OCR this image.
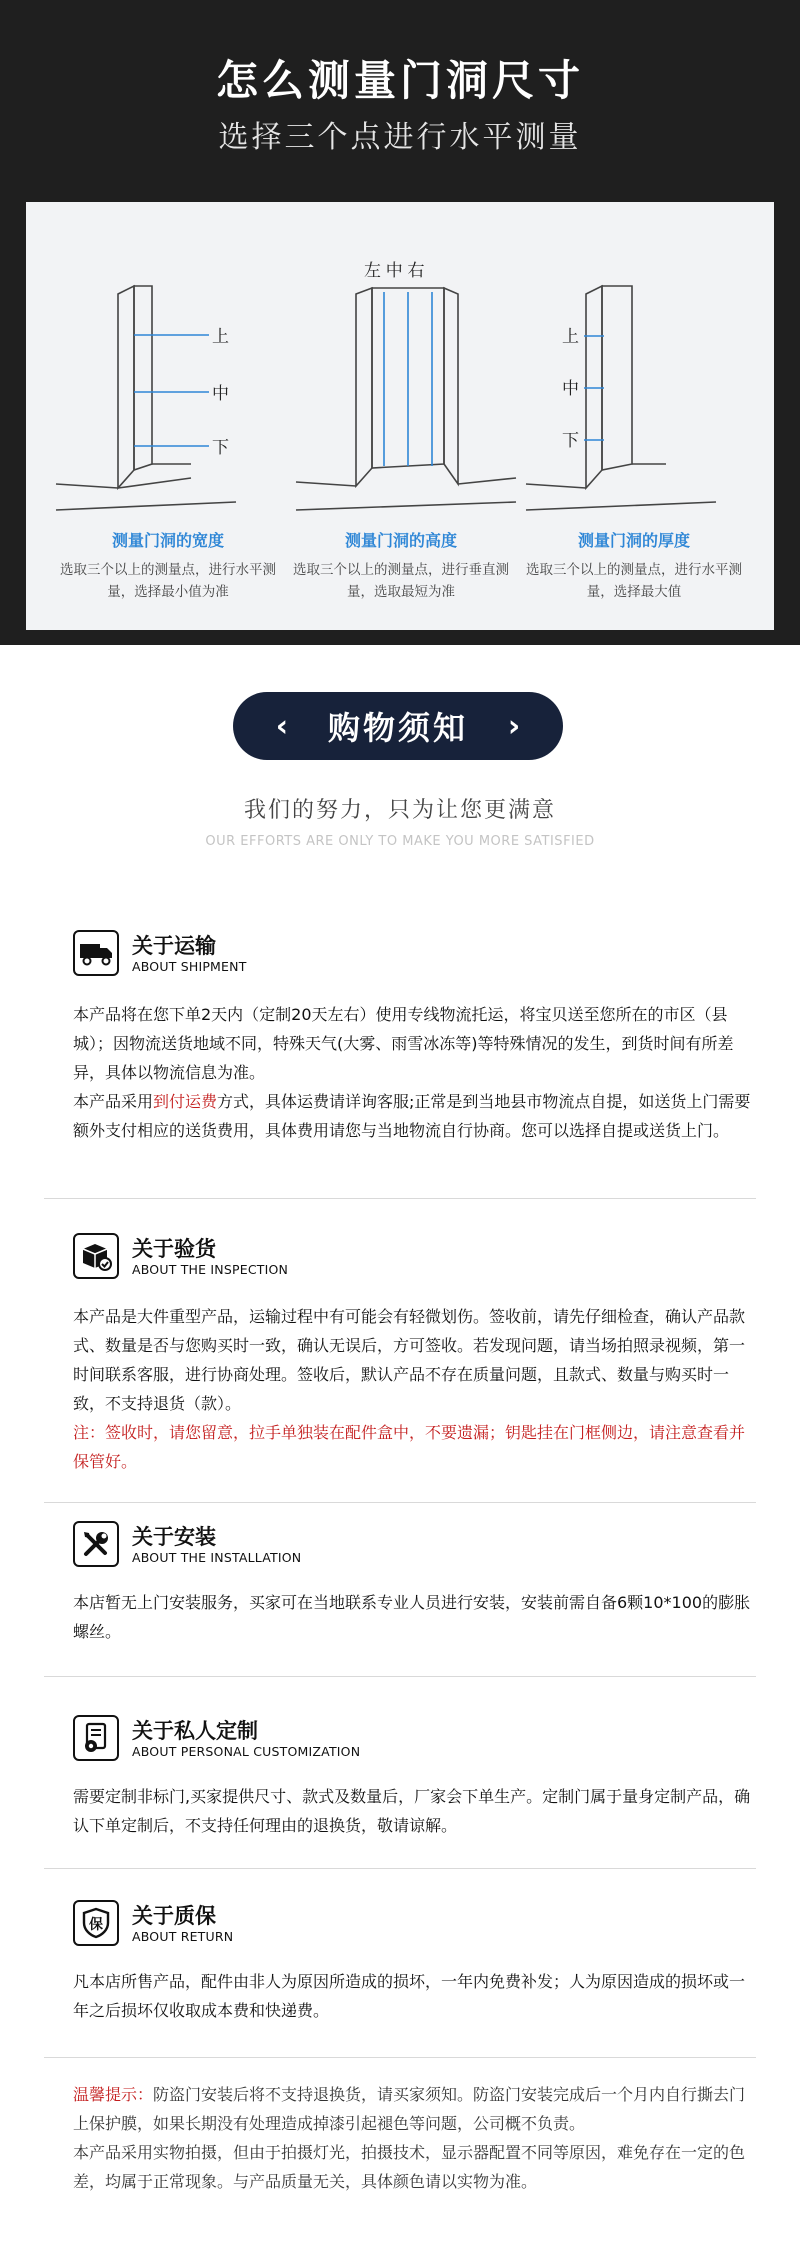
怎么测量门洞尺寸
选择三个点进行水平测量
上
中
下
左 中 右
上
中
下
测量门洞的宽度
选取三个以上的测量点，进行水平测量，选择最小值为准
测量门洞的高度
选取三个以上的测量点，进行垂直测量，选取最短为准
测量门洞的厚度
选取三个以上的测量点，进行水平测量，选择最大值
‹	购物须知	›
我们的努力，只为让您更满意
OUR EFFORTS ARE ONLY TO MAKE YOU MORE SATISFIED
关于运输
ABOUT SHIPMENT
本产品将在您下单2天内（定制20天左右）使用专线物流托运，将宝贝送至您所在的市区（县城）；因物流送货地域不同，特殊天气(大雾、雨雪冰冻等)等特殊情况的发生，到货时间有所差异，具体以物流信息为准。
本产品采用到付运费方式，具体运费请详询客服;正常是到当地县市物流点自提，如送货上门需要额外支付相应的送货费用，具体费用请您与当地物流自行协商。您可以选择自提或送货上门。
关于验货
ABOUT THE INSPECTION
本产品是大件重型产品，运输过程中有可能会有轻微划伤。签收前，请先仔细检查，确认产品款式、数量是否与您购买时一致，确认无误后，方可签收。若发现问题，请当场拍照录视频，第一时间联系客服，进行协商处理。签收后，默认产品不存在质量问题，且款式、数量与购买时一致，不支持退货（款）。
注：签收时，请您留意，拉手单独装在配件盒中，不要遗漏；钥匙挂在门框侧边，请注意查看并保管好。
关于安装
ABOUT THE INSTALLATION
本店暂无上门安装服务，买家可在当地联系专业人员进行安装，安装前需自备6颗10*100的膨胀螺丝。
关于私人定制
ABOUT PERSONAL CUSTOMIZATION
需要定制非标门,买家提供尺寸、款式及数量后，厂家会下单生产。定制门属于量身定制产品，确认下单定制后，不支持任何理由的退换货，敬请谅解。
保 关于质保
ABOUT RETURN
凡本店所售产品，配件由非人为原因所造成的损坏，一年内免费补发；人为原因造成的损坏或一年之后损坏仅收取成本费和快递费。
温馨提示：防盗门安装后将不支持退换货，请买家须知。防盗门安装完成后一个月内自行撕去门上保护膜，如果长期没有处理造成掉漆引起褪色等问题，公司概不负责。
本产品采用实物拍摄，但由于拍摄灯光，拍摄技术，显示器配置不同等原因，难免存在一定的色差，均属于正常现象。与产品质量无关，具体颜色请以实物为准。
